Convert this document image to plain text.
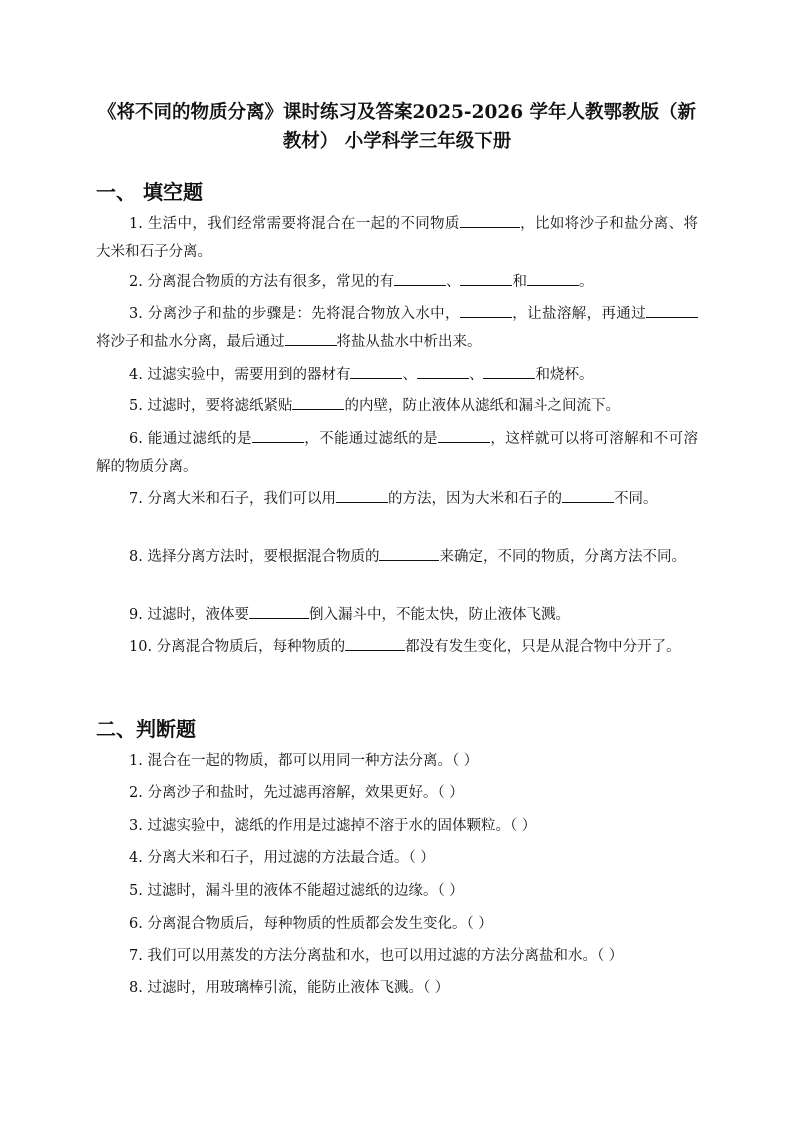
《将不同的物质分离》课时练习及答案2025-2026 学年人教鄂教版（新教材） 小学科学三年级下册
一、 填空题
1. 生活中，我们经常需要将混合在一起的不同物质	，比如将沙子和盐分离、将大米和石子分离。
2. 分离混合物质的方法有很多，常见的有	、	和	。
3. 分离沙子和盐的步骤是：先将混合物放入水中，	，让盐溶解，再通过将沙子和盐水分离，最后通过	将盐从盐水中析出来。
4. 过滤实验中，需要用到的器材有	、	、	和烧杯。
5. 过滤时，要将滤纸紧贴	的内壁，防止液体从滤纸和漏斗之间流下。
6. 能通过滤纸的是	，不能通过滤纸的是	，这样就可以将可溶解和不可溶解的物质分离。
7. 分离大米和石子，我们可以用	的方法，因为大米和石子的	不同。
8. 选择分离方法时，要根据混合物质的	来确定，不同的物质，分离方法不同。
9. 过滤时，液体要	倒入漏斗中，不能太快，防止液体飞溅。
10. 分离混合物质后，每种物质的	都没有发生变化，只是从混合物中分开了。
二、判断题
1. 混合在一起的物质，都可以用同一种方法分离。（ ）
2. 分离沙子和盐时，先过滤再溶解，效果更好。（ ）
3. 过滤实验中，滤纸的作用是过滤掉不溶于水的固体颗粒。（ ）
4. 分离大米和石子，用过滤的方法最合适。（ ）
5. 过滤时，漏斗里的液体不能超过滤纸的边缘。（ ）
6. 分离混合物质后，每种物质的性质都会发生变化。（ ）
7. 我们可以用蒸发的方法分离盐和水，也可以用过滤的方法分离盐和水。（ ）
8. 过滤时，用玻璃棒引流，能防止液体飞溅。（ ）
